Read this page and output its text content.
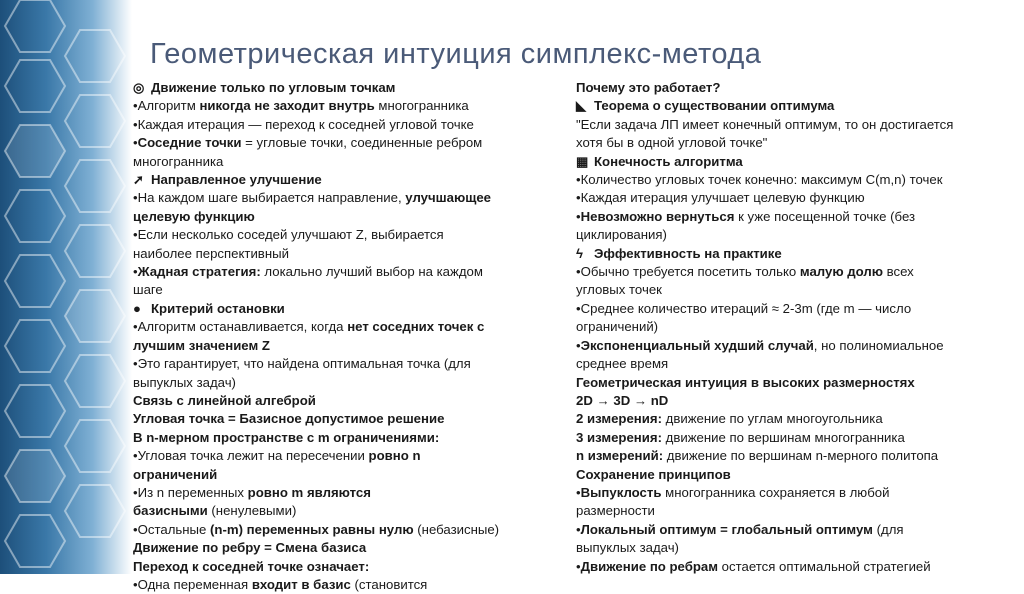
Геометрическая интуиция симплекс-метода
◎ Движение только по угловым точкам
•Алгоритм никогда не заходит внутрь многогранника
•Каждая итерация — переход к соседней угловой точке
•Соседние точки = угловые точки, соединенные ребром
многогранника
➚ Направленное улучшение
•На каждом шаге выбирается направление, улучшающее
целевую функцию
•Если несколько соседей улучшают Z, выбирается
наиболее перспективный
•Жадная стратегия: локально лучший выбор на каждом
шаге
● Критерий остановки
•Алгоритм останавливается, когда нет соседних точек с
лучшим значением Z
•Это гарантирует, что найдена оптимальная точка (для
выпуклых задач)
Связь с линейной алгеброй
Угловая точка = Базисное допустимое решение
В n-мерном пространстве с m ограничениями:
•Угловая точка лежит на пересечении ровно n
ограничений
•Из n переменных ровно m являются
базисными (ненулевыми)
•Остальные (n-m) переменных равны нулю (небазисные)
Движение по ребру = Смена базиса
Переход к соседней точке означает:
•Одна переменная входит в базис (становится
Почему это работает?
◣ Теорема о существовании оптимума
"Если задача ЛП имеет конечный оптимум, то он достигается
хотя бы в одной угловой точке"
▦ Конечность алгоритма
•Количество угловых точек конечно: максимум C(m,n) точек
•Каждая итерация улучшает целевую функцию
•Невозможно вернуться к уже посещенной точке (без
циклирования)
ϟ Эффективность на практике
•Обычно требуется посетить только малую долю всех
угловых точек
•Среднее количество итераций ≈ 2-3m (где m — число
ограничений)
•Экспоненциальный худший случай, но полиномиальное
среднее время
Геометрическая интуиция в высоких размерностях
2D → 3D → nD
2 измерения: движение по углам многоугольника
3 измерения: движение по вершинам многогранника
n измерений: движение по вершинам n-мерного политопа
Сохранение принципов
•Выпуклость многогранника сохраняется в любой
размерности
•Локальный оптимум = глобальный оптимум (для
выпуклых задач)
•Движение по ребрам остается оптимальной стратегией
